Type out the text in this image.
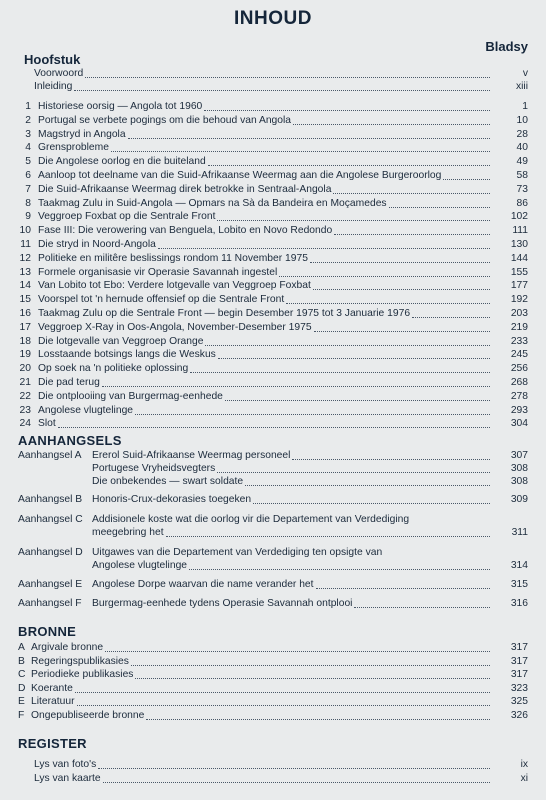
INHOUD
Hoofstuk
Bladsy
Voorwoord	v
Inleiding	xiii
1 Historiese oorsig — Angola tot 1960	1
2 Portugal se verbete pogings om die behoud van Angola	10
3 Magstryd in Angola	28
4 Grensprobleme	40
5 Die Angolese oorlog en die buiteland	49
6 Aanloop tot deelname van die Suid-Afrikaanse Weermag aan die Angolese Burgeroorlog	58
7 Die Suid-Afrikaanse Weermag direk betrokke in Sentraal-Angola	73
8 Taakmag Zulu in Suid-Angola — Opmars na Sà da Bandeira en Moçamedes	86
9 Veggroep Foxbat op die Sentrale Front	102
10 Fase III: Die verowering van Benguela, Lobito en Novo Redondo	111
11 Die stryd in Noord-Angola	130
12 Politieke en militêre beslissings rondom 11 November 1975	144
13 Formele organisasie vir Operasie Savannah ingestel	155
14 Van Lobito tot Ebo: Verdere lotgevalle van Veggroep Foxbat	177
15 Voorspel tot 'n hernude offensief op die Sentrale Front	192
16 Taakmag Zulu op die Sentrale Front — begin Desember 1975 tot 3 Januarie 1976	203
17 Veggroep X-Ray in Oos-Angola, November-Desember 1975	219
18 Die lotgevalle van Veggroep Orange	233
19 Losstaande botsings langs die Weskus	245
20 Op soek na 'n politieke oplossing	256
21 Die pad terug	268
22 Die ontplooiing van Burgermag-eenhede	278
23 Angolese vlugtelinge	293
24 Slot	304
AANHANGSELS
Aanhangsel A	Ererol Suid-Afrikaanse Weermag personeel	307
Portugese Vryheidsvegters	308
Die onbekendes — swart soldate	308
Aanhangsel B Honoris-Crux-dekorasies toegeken	309
Aanhangsel C Addisionele koste wat die oorlog vir die Departement van Verdediging
meegebring het	311
Aanhangsel D Uitgawes van die Departement van Verdediging ten opsigte van
Angolese vlugtelinge	314
Aanhangsel E Angolese Dorpe waarvan die name verander het	315
Aanhangsel F	Burgermag-eenhede tydens Operasie Savannah ontplooi	316
BRONNE
A Argivale bronne	317
B Regeringspublikasies	317
C Periodieke publikasies	317
D Koerante	323
E Literatuur	325
F Ongepubliseerde bronne	326
REGISTER
Lys van foto's	ix
Lys van kaarte	xi
